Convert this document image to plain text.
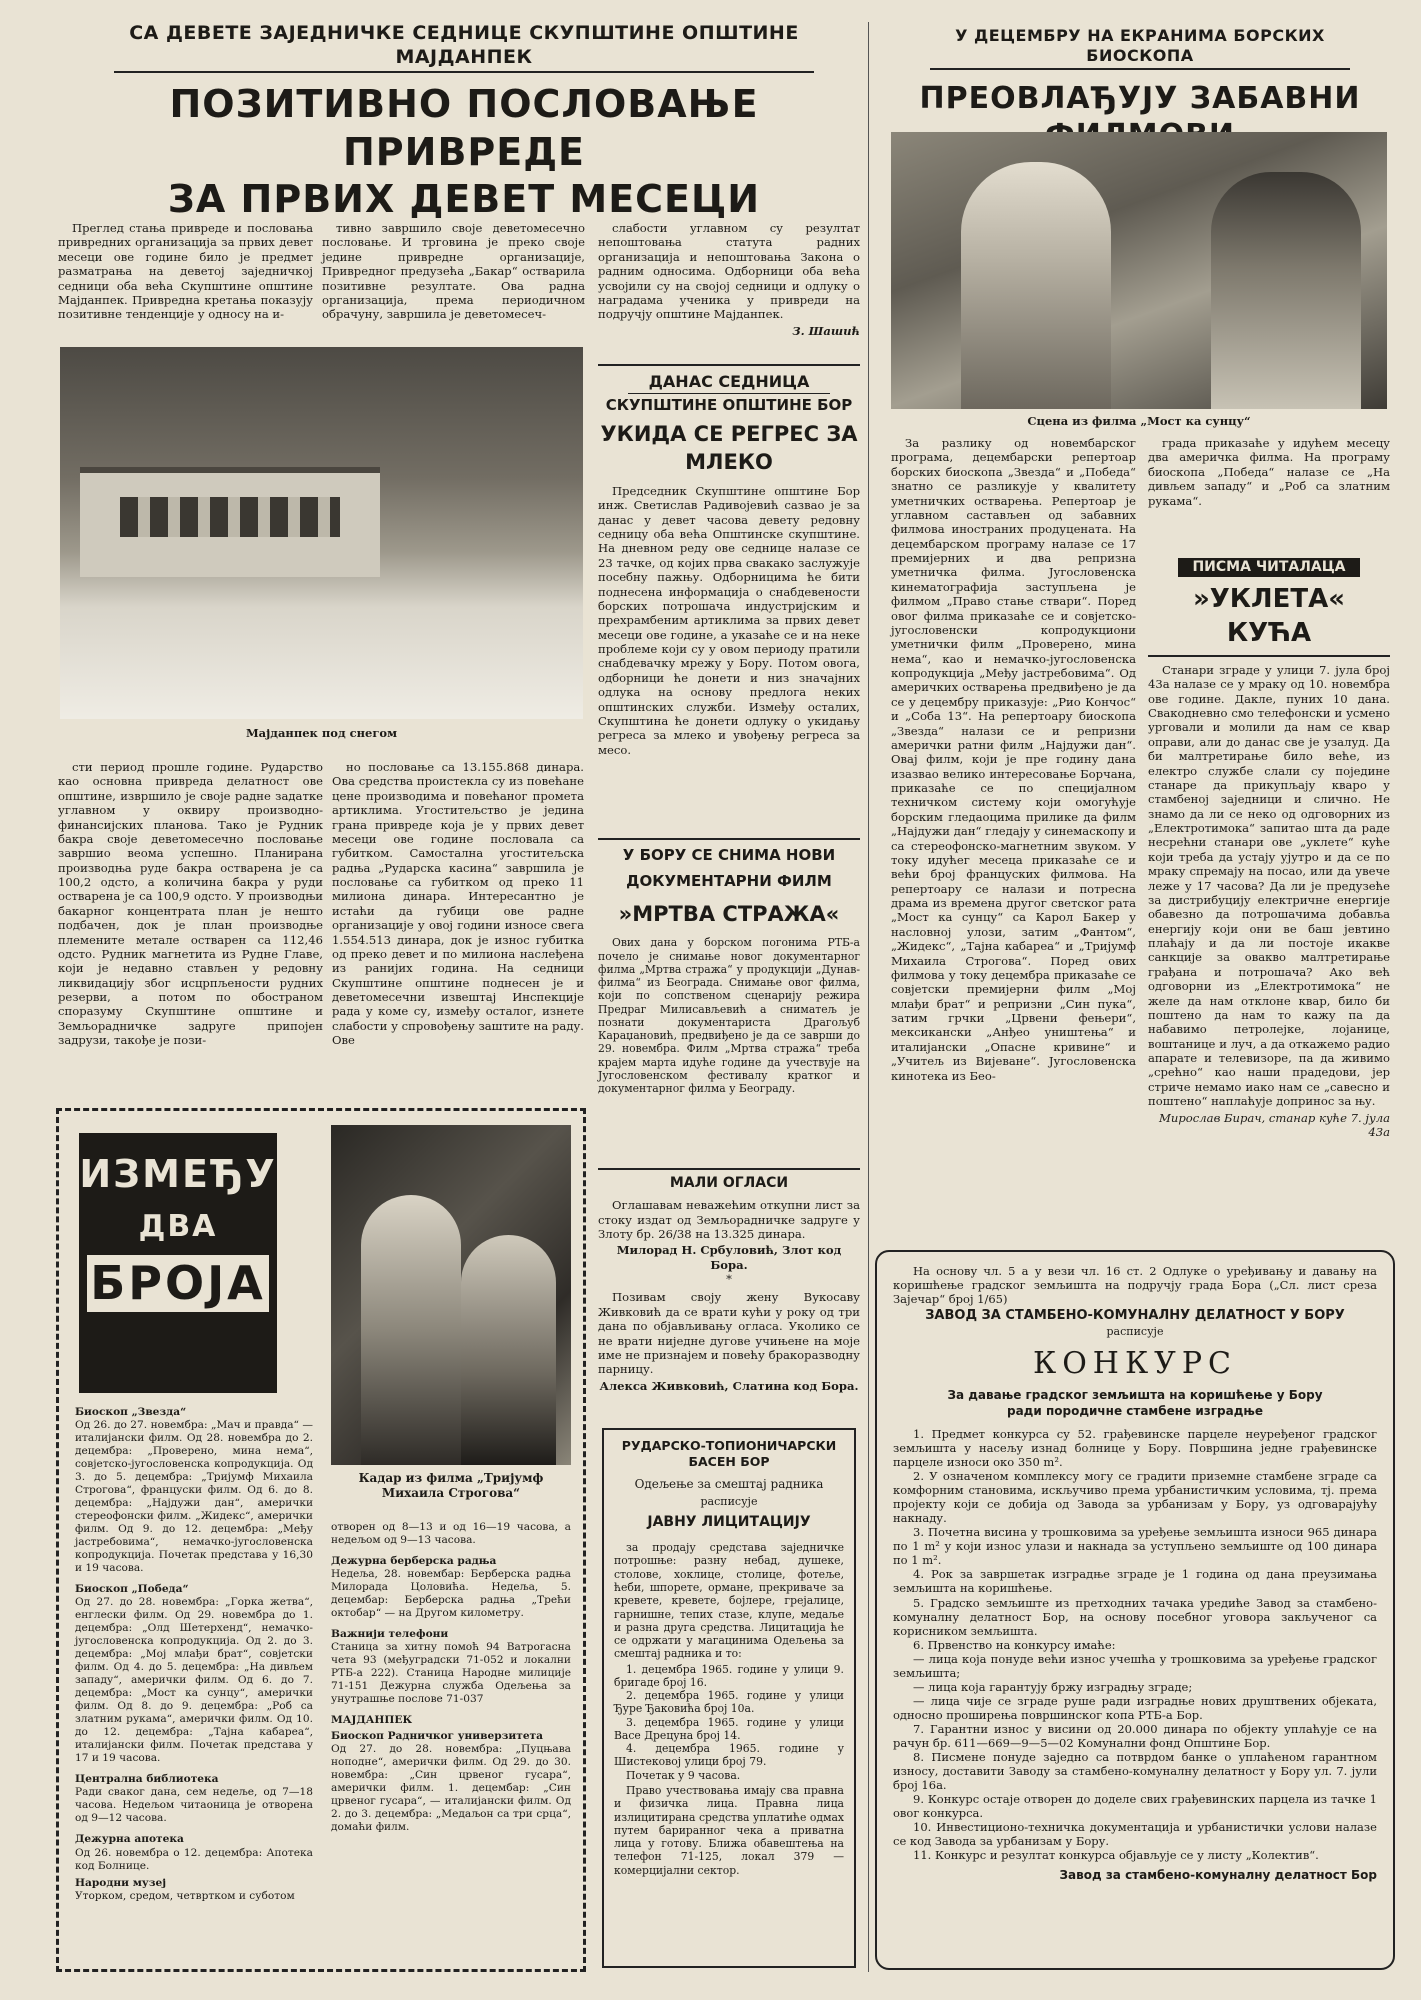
СА ДЕВЕТЕ ЗАЈЕДНИЧКЕ СЕДНИЦЕ СКУПШТИНЕ ОПШТИНЕ МАЈДАНПЕК
ПОЗИТИВНО ПОСЛОВАЊЕ ПРИВРЕДЕ
ЗА ПРВИХ ДЕВЕТ МЕСЕЦИ

Преглед стања привреде и пословања привредних организација за првих девет месеци ове године било је предмет разматрања на деветој заједничкој седници оба већа Скупштине општине Мајданпек. Привредна кретања показују позитивне тенденције у односу на и-

тивно завршило своје деветомесечно пословање. И трговина је преко своје једине привредне организације, Привредног предузећа „Бакар“ остварила позитивне резултате. Ова радна организација, према периодичном обрачуну, завршила је деветомесеч-

Мајданпек под снегом

сти период прошле године. Рударство као основна привреда делатност ове општине, извршило је своје радне задатке углавном у оквиру производно-финансијских планова. Тако је Рудник бакра своје деветомесечно пословање завршио веома успешно. Планирана производња руде бакра остварена је са 100,2 одсто, а количина бакра у руди остварена је са 100,9 одсто. У производњи бакарног концентрата план је нешто подбачен, док је план производње племените метале остварен са 112,46 одсто. Рудник магнетита из Рудне Главе, који је недавно стављен у редовну ликвидацију због исцрпљености рудних резерви, а потом по обостраном споразуму Скупштине општине и Земљорадничке задруге припојен задрузи, такође је пози-

но пословање са 13.155.868 динара. Ова средства проистекла су из повећане цене производима и повећаног промета артиклима. Угоститељство је једина грана привреде која је у првих девет месеци ове године пословала са губитком. Самостална угоститељска радња „Рударска касина“ завршила је пословање са губитком од преко 11 милиона динара. Интересантно је истаћи да губици ове радне организације у овој години износе свега 1.554.513 динара, док је износ губитка од преко девет и по милиона наслеђена из ранијих година. На седници Скупштине општине поднесен је и деветомесечни извештај Инспекције рада у коме су, између осталог, изнете слабости у спровођењу заштите на раду. Ове

слабости углавном су резултат непоштовања статута радних организација и непоштовања Закона о радним односима. Одборници оба већа усвојили су на својој седници и одлуку о наградама ученика у привреди на подручју општине Мајданпек.

З. Шашић
ДАНАС СЕДНИЦА
СКУПШТИНЕ ОПШТИНЕ БОР
УКИДА СЕ РЕГРЕС ЗА МЛЕКО

Председник Скупштине општине Бор инж. Светислав Радивојевић сазвао је за данас у девет часова девету редовну седницу оба већа Општинске скупштине. На дневном реду ове седнице налазе се 23 тачке, од којих прва свакако заслужује посебну пажњу. Одборницима ће бити поднесена информација о снабдевености борских потрошача индустријским и прехрамбеним артиклима за првих девет месеци ове године, а указаће се и на неке проблеме који су у овом периоду пратили снабдевачку мрежу у Бору. Потом овога, одборници ће донети и низ значајних одлука на основу предлога неких општинских служби. Између осталих, Скупштина ће донети одлуку о укидању регреса за млеко и увођењу регреса за месо.

У БОРУ СЕ СНИМА НОВИ
ДОКУМЕНТАРНИ ФИЛМ
»МРТВА СТРАЖА«

Ових дана у борском погонима РТБ-а почело је снимање новог документарног филма „Мртва стража“ у продукцији „Дунав-филма“ из Београда. Снимање овог филма, који по сопственом сценарију режира Предраг Милисављевић а сниматељ је познати документариста Драгољуб Караџановић, предвиђено је да се заврши до 29. новембра. Филм „Мртва стража“ треба крајем марта идуће године да учествује на Југословенском фестивалу кратког и документарног филма у Београду.

МАЛИ ОГЛАСИ

Оглашавам неважећим откупни лист за стоку издат од Земљорадничке задруге у Злоту бр. 26/38 на 13.325 динара.

Милорад Н. Србуловић, Злот код Бора.
*

Позивам своју жену Вукосаву Живковић да се врати кући у року од три дана по објављивању огласа. Уколико се не врати ниједне дугове учињене на моје име не признајем и повећу бракоразводну парницу.

Алекса Живковић, Слатина код Бора.
РУДАРСКО-ТОПИОНИЧАРСКИ
БАСЕН БОР
Одељење за смештај радника
расписује
ЈАВНУ ЛИЦИТАЦИЈУ

за продају средстава заједничке потрошње: разну небад, душеке, столове, хоклице, столице, фотеље, ћеби, шпорете, ормане, прекриваче за кревете, кревете, бојлере, грејалице, гарнишне, тепих стазе, клупе, медаље и разна друга средства. Лицитација ће се одржати у магацинима Одељења за смештај радника и то:

1. децембра 1965. године у улици 9. бригаде број 16.

2. децембра 1965. године у улици Ђуре Ђаковића број 10а.

3. децембра 1965. године у улици Васе Дрецуна број 14.

4. децембра 1965. године у Шистековој улици број 79.

Почетак у 9 часова.

Право учествовања имају сва правна и физичка лица. Правна лица излицитирана средства уплатиће одмах путем бариранног чека а приватна лица у готову. Ближа обавештења на телефон 71-125, локал 379 — комерцијални сектор.

У ДЕЦЕМБРУ НА ЕКРАНИМА БОРСКИХ БИОСКОПА
ПРЕОВЛАЂУЈУ ЗАБАВНИ
Сцена из филма „Мост ка сунцу“

За разлику од новембарског програма, децембарски репертоар борских биоскопа „Звезда“ и „Победа“ знатно се разликује у квалитету уметничких остварења. Репертоар је углавном састављен од забавних филмова иностраних продуцената. На децембарском програму налазе се 17 премијерних и два репризна уметничка филма. Југословенска кинематографија заступљена је филмом „Право стање ствари“. Поред овог филма приказаће се и совјетско-југословенски копродукциони уметнички филм „Проверено, мина нема“, као и немачко-југословенска копродукција „Међу јастребовима“. Од америчких остварења предвиђено је да се у децембру приказује: „Рио Кончос“ и „Соба 13“. На репертоару биоскопа „Звезда“ налази се и репризни амерички ратни филм „Најдужи дан“. Овај филм, који је пре годину дана изазвао велико интересовање Борчана, приказаће се по специјалном техничком систему који омогућује борским гледаоцима прилике да филм „Најдужи дан“ гледају у синемаскопу и са стереофонско-магнетним звуком. У току идућег месеца приказаће се и већи број француских филмова. На репертоару се налази и потресна драма из времена другог светског рата „Мост ка сунцу“ са Карол Бакер у насловној улози, затим „Фантом“, „Жидекс“, „Тајна кабареа“ и „Тријумф Михаила Строгова“. Поред ових филмова у току децембра приказаће се совјетски премијерни филм „Мој млађи брат“ и репризни „Син пука“, затим грчки „Црвени фењери“, мексикански „Анђео уништења“ и италијански „Опасне кривине“ и „Учитељ из Вијеване“. Југословенска кинотека из Бео-

града приказаће у идућем месецу два америчка филма. На програму биоскопа „Победа“ налазе се „На дивљем западу“ и „Роб са златним рукама“.

ПИСМА ЧИТАЛАЦА
»УКЛЕТА« КУЋА

Станари зграде у улици 7. јула број 43а налазе се у мраку од 10. новембра ове године. Дакле, пуних 10 дана. Свакодневно смо телефонски и усмено урговали и молили да нам се квар оправи, али до данас све је узалуд. Да би малтретирање било веће, из електро службе слали су поједине станаре да прикупљају кваро у стамбеној заједници и слично. Не знамо да ли се неко од одговорних из „Електротимока“ запитао шта да раде несрећни станари ове „уклете“ куће који треба да устају ујутро и да се по мраку спремају на посао, или да увече леже у 17 часова? Да ли је предузеће за дистрибуцију електричне енергије обавезно да потрошачима добавља енергију који они ве баш јевтино плаћају и да ли постоје икакве санкције за овакво малтретирање грађана и потрошача? Ако већ одговорни из „Електротимока“ не желе да нам отклоне квар, било би поштено да нам то кажу па да набавимо петролејке, лојанице, воштанице и луч, а да откажемо радио апарате и телевизоре, па да живимо „срећно“ као наши прадедови, јер стриче немамо иако нам се „савесно и поштено“ наплаћује допринос за њу.

Мирослав Бирач, станар куће 7. јула 43а
На основу чл. 5 а у вези чл. 16 ст. 2 Одлуке о уређивању и давању на коришћење градског земљишта на подручју града Бора („Сл. лист среза Зајечар“ број 1/65)
ЗАВОД ЗА СТАМБЕНО-КОМУНАЛНУ ДЕЛАТНОСТ У БОРУ
расписује
КОНКУРС
За давање градског земљишта на коришћење у Бору ради породичне стамбене изградње

1. Предмет конкурса су 52. грађевинске парцеле неуређеног градског земљишта у насељу изнад болнице у Бору. Површина једне грађевинске парцеле износи око 350 m².

2. У означеном комплексу могу се градити приземне стамбене зграде са комфорним становима, искључиво према урбанистичким условима, тј. према пројекту који се добија од Завода за урбанизам у Бору, уз одговарајућу накнаду.

3. Почетна висина у трошковима за уређење земљишта износи 965 динара по 1 m² у који износ улази и накнада за уступљено земљиште од 100 динара по 1 m².

4. Рок за завршетак изградње зграде је 1 година од дана преузимања земљишта на коришћење.

5. Градско земљиште из претходних тачака уредиће Завод за стамбено-комуналну делатност Бор, на основу посебног уговора закљученог са корисником земљишта.

6. Првенство на конкурсу имаће:

— лица која понуде већи износ учешћа у трошковима за уређење градског земљишта;

— лица која гарантују бржу изградњу зграде;

— лица чије се зграде руше ради изградње нових друштвених објеката, односно проширења површинског копа РТБ-а Бор.

7. Гарантни износ у висини од 20.000 динара по објекту уплаћује се на рачун бр. 611—669—9—5—02 Комунални фонд Општине Бор.

8. Писмене понуде заједно са потврдом банке о уплаћеном гарантном износу, доставити Заводу за стамбено-комуналну делатност у Бору ул. 7. јули број 16а.

9. Конкурс остаје отворен до доделе свих грађевинских парцела из тачке 1 овог конкурса.

10. Инвестиционо-техничка документација и урбанистички услови налазе се код Завода за урбанизам у Бору.

11. Конкурс и резултат конкурса објављује се у листу „Колектив“.

Завод за стамбено-комуналну делатност Бор
ИЗМЕЂУ
ДВА
БРОЈА
Кадар из филма „Тријумф Михаила Строгова“
Биоскоп „Звезда“
Од 26. до 27. новембра: „Мач и правда“ — италијански филм. Од 28. новембра до 2. децембра: „Проверено, мина нема“, совјетско-југословенска копродукција. Од 3. до 5. децембра: „Тријумф Михаила Строгова“, француски филм. Од 6. до 8. децембра: „Најдужи дан“, амерички стереофонски филм. „Жидекс“, амерички филм. Од 9. до 12. децембра: „Међу јастребовима“, немачко-југословенска копродукција. Почетак представа у 16,30 и 19 часова.
Биоскоп „Победа“
Од 27. до 28. новембра: „Горка жетва“, енглески филм. Од 29. новембра до 1. децембра: „Олд Шетерхенд“, немачко-југословенска копродукција. Од 2. до 3. децембра: „Мој млађи брат“, совјетски филм. Од 4. до 5. децембра: „На дивљем западу“, амерички филм. Од 6. до 7. децембра: „Мост ка сунцу“, амерички филм. Од 8. до 9. децембра: „Роб са златним рукама“, амерички филм. Од 10. до 12. децембра: „Тајна кабареа“, италијански филм. Почетак представа у 17 и 19 часова.
Централна библиотека
Ради сваког дана, сем недеље, од 7—18 часова. Недељом читаоница је отворена од 9—12 часова.
Дежурна апотека
Од 26. новембра о 12. децембра: Апотека код Болнице.
Народни музеј
Уторком, средом, четвртком и суботом
отворен од 8—13 и од 16—19 часова, а недељом од 9—13 часова.
Дежурна берберска радња
Недеља, 28. новембар: Берберска радња Милорада Цоловића. Недеља, 5. децембар: Берберска радња „Трећи октобар“ — на Другом километру.
Важнији телефони
Станица за хитну помоћ 94 Ватрогасна чета 93 (међуградски 71-052 и локални РТБ-а 222). Станица Народне милиције 71-151 Дежурна служба Одељења за унутрашње послове 71-037
МАЈДАНПЕК
Биоскоп Радничког универзитета
Од 27. до 28. новембра: „Пуцњава ноподне“, амерички филм. Од 29. до 30. новембра: „Син црвеног гусара“, амерички филм. 1. децембар: „Син црвеног гусара“, — италијански филм. Од 2. до 3. децембра: „Медаљон са три срца“, домаћи филм.
